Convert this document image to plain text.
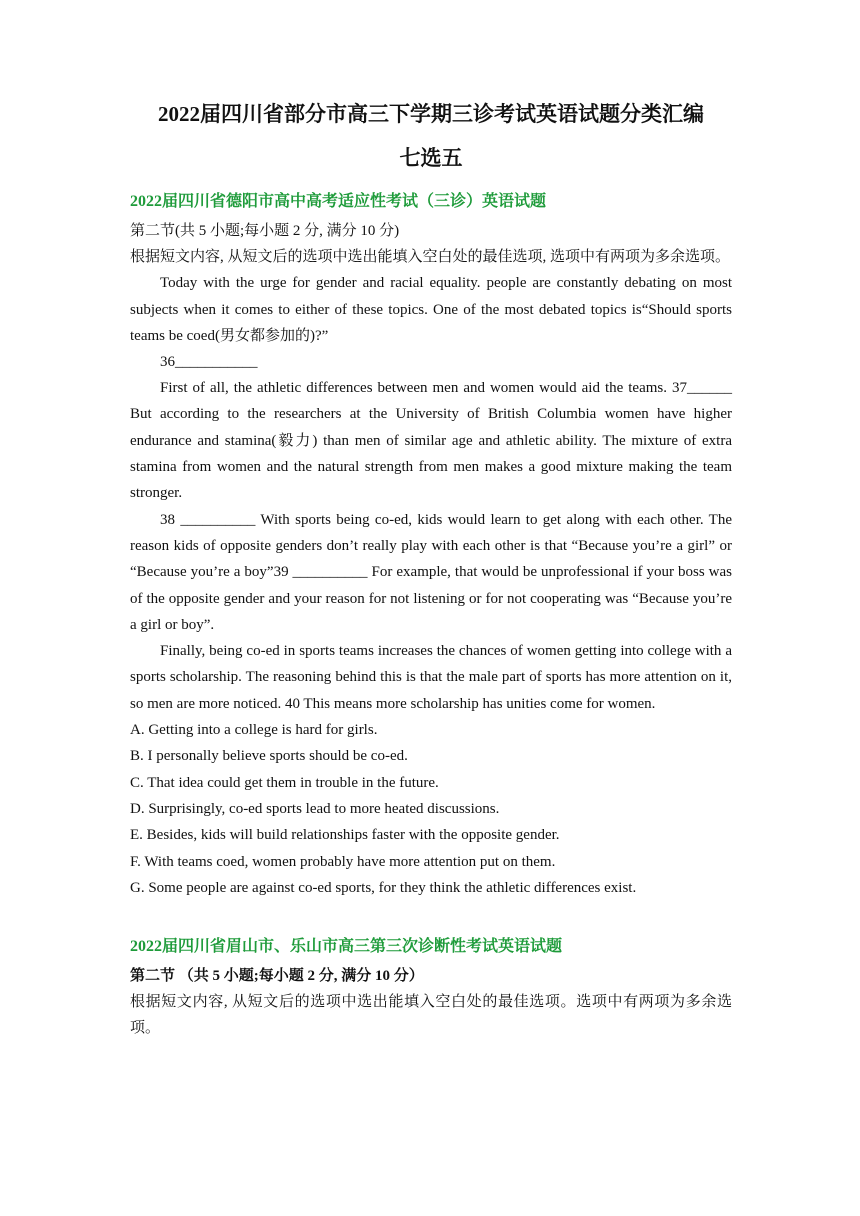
2022届四川省部分市高三下学期三诊考试英语试题分类汇编
七选五
2022届四川省德阳市高中高考适应性考试（三诊）英语试题
第二节(共 5 小题;每小题 2 分, 满分 10 分)

根据短文内容, 从短文后的选项中选出能填入空白处的最佳选项, 选项中有两项为多余选项。

Today with the urge for gender and racial equality. people are constantly debating on most subjects when it comes to either of these topics. One of the most debated topics is“Should sports teams be coed(男女都参加的)?”

36___________

First of all, the athletic differences between men and women would aid the teams. 37______ But according to the researchers at the University of British Columbia women have higher endurance and stamina(毅力) than men of similar age and athletic ability. The mixture of extra stamina from women and the natural strength from men makes a good mixture making the team stronger.

38 __________ With sports being co-ed, kids would learn to get along with each other. The reason kids of opposite genders don’t really play with each other is that “Because you’re a girl” or “Because you’re a boy”39 __________ For example, that would be unprofessional if your boss was of the opposite gender and your reason for not listening or for not cooperating was “Because you’re a girl or boy”.

Finally, being co-ed in sports teams increases the chances of women getting into college with a sports scholarship. The reasoning behind this is that the male part of sports has more attention on it, so men are more noticed. 40 This means more scholarship has unities come for women.

A. Getting into a college is hard for girls.
B. I personally believe sports should be co-ed.
C. That idea could get them in trouble in the future.
D. Surprisingly, co-ed sports lead to more heated discussions.
E. Besides, kids will build relationships faster with the opposite gender.
F. With teams coed, women probably have more attention put on them.
G. Some people are against co-ed sports, for they think the athletic differences exist.
2022届四川省眉山市、乐山市高三第三次诊断性考试英语试题
第二节 （共 5 小题;每小题 2 分, 满分 10 分）

根据短文内容, 从短文后的选项中选出能填入空白处的最佳选项。选项中有两项为多余选项。
